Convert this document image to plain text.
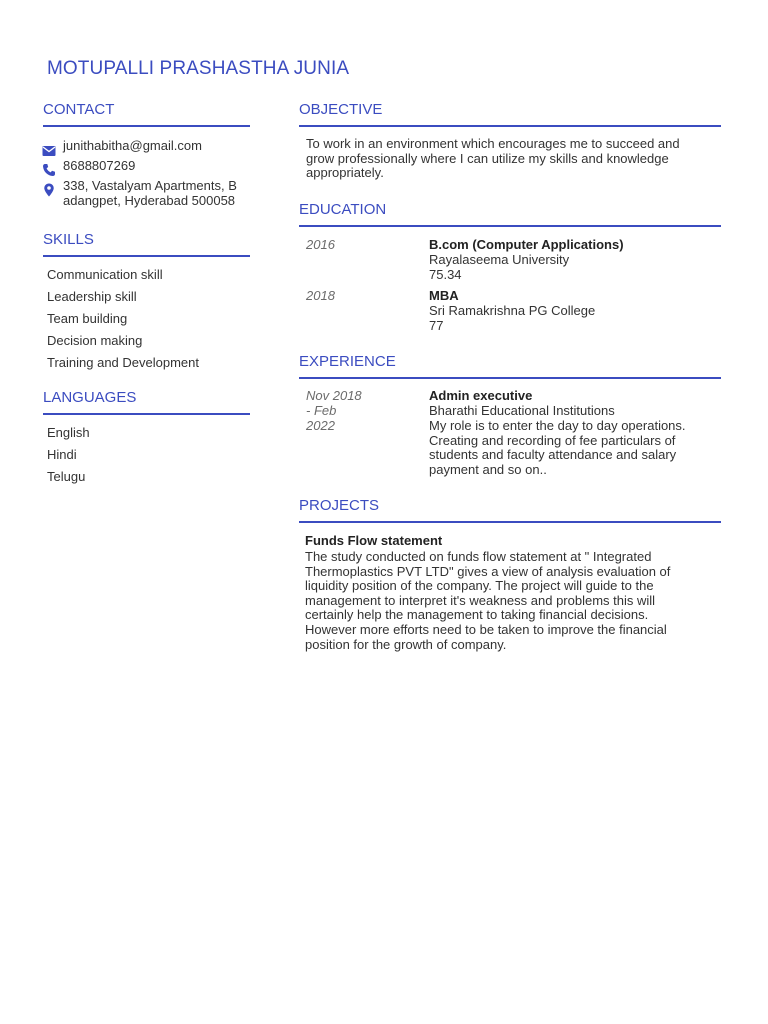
MOTUPALLI PRASHASTHA JUNIA
CONTACT
junithabitha@gmail.com
8688807269
338, Vastalyam Apartments, B
adangpet, Hyderabad 500058
SKILLS
Communication skill
Leadership skill
Team building
Decision making
Training and Development
LANGUAGES
English
Hindi
Telugu
OBJECTIVE
To work in an environment which encourages me to succeed and grow professionally where I can utilize my skills and knowledge appropriately.
EDUCATION
2016	B.com (Computer Applications)
Rayalaseema University
75.34
2018	MBA
Sri Ramakrishna PG College
77
EXPERIENCE
Nov 2018
- Feb
2022
Admin executive
Bharathi Educational Institutions
My role is to enter the day to day operations. Creating and recording of fee particulars of students and faculty attendance and salary payment and so on..
PROJECTS
Funds Flow statement
The study conducted on funds flow statement at " Integrated Thermoplastics PVT LTD" gives a view of analysis evaluation of liquidity position of the company. The project will guide to the management to interpret it's weakness and problems this will certainly help the management to taking financial decisions. However more efforts need to be taken to improve the financial position for the growth of company.
